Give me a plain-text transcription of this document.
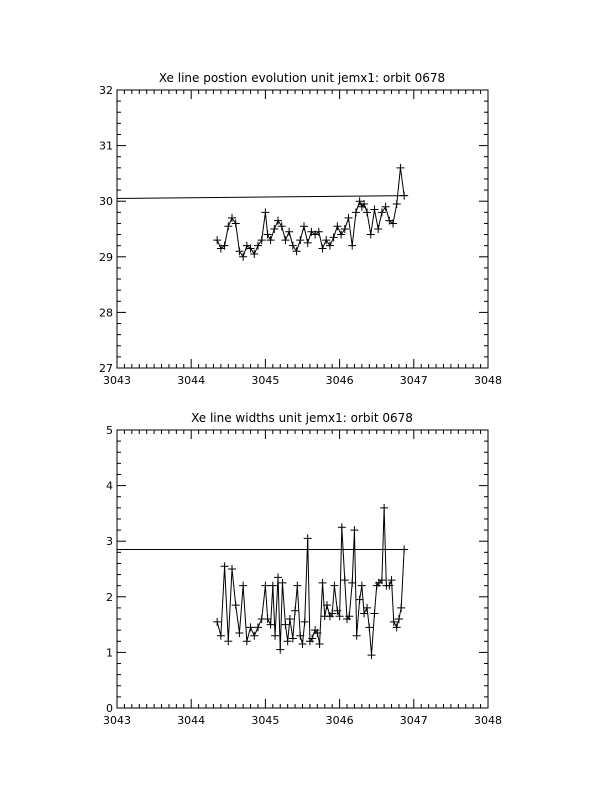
Xe line postion evolution unit jemx1: orbit 0678
3043	3044	3045	3046	3047	3048
27
28
29
30
31
32
Xe line widths unit jemx1: orbit 0678
3043	3044	3045	3046	3047	3048
0
1
2
3
4
5
